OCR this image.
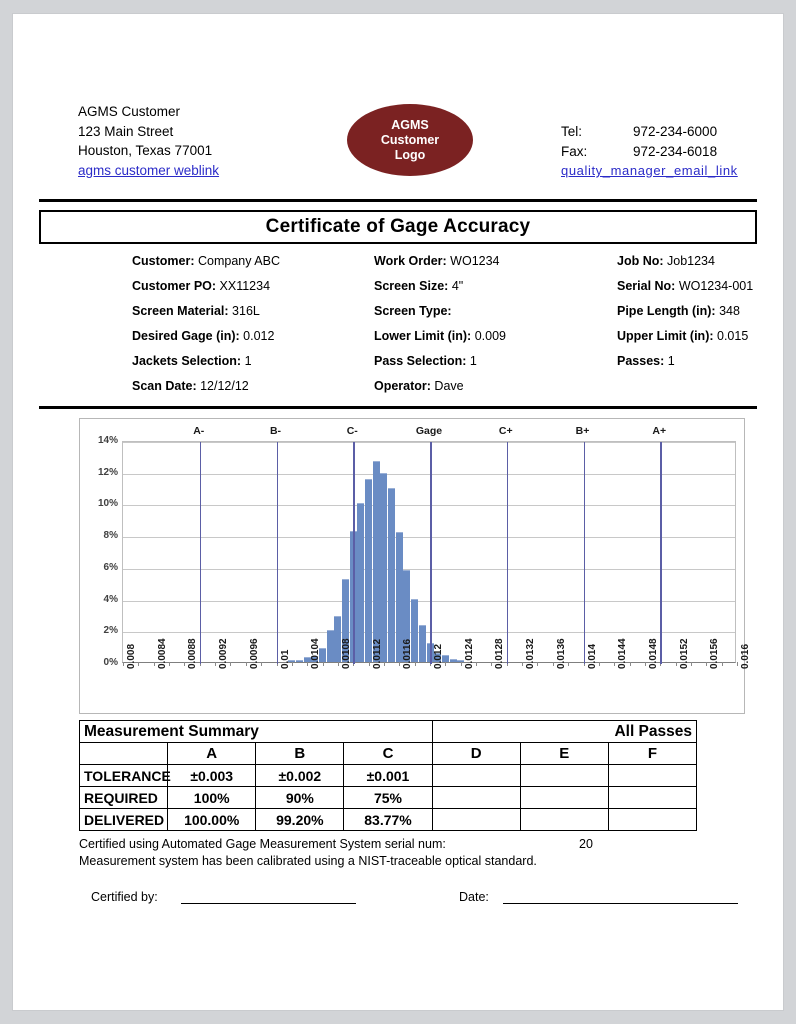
AGMS Customer
123 Main Street
Houston, Texas 77001
agms customer weblink
AGMS
Customer
Logo
Tel:	972-234-6000
Fax:	972-234-6018
quality_manager_email_link
Certificate of Gage Accuracy
Customer: Company ABC	Work Order: WO1234	Job No: Job1234
Customer PO: XX11234	Screen Size: 4"	Serial No: WO1234-001
Screen Material: 316L	Screen Type:	Pipe Length (in): 348
Desired Gage (in): 0.012	Lower Limit (in): 0.009	Upper Limit (in): 0.015
Jackets Selection: 1	Pass Selection: 1	Passes: 1
Scan Date: 12/12/12	Operator: Dave
0%
2%
4%
6%
8%
10%
12%
14%
0.008 0.0084 0.0088 0.0092 0.0096 0.01 0.0104 0.0108 0.0112 0.0116 0.012 0.0124 0.0128 0.0132 0.0136 0.014 0.0144 0.0148 0.0152 0.0156 0.016
A-	B-	C-	Gage	C+	B+	A+
Measurement Summary				All Passes		
	A	B	C	D	E	F
TOLERANCE	±0.003	±0.002	±0.001			
REQUIRED	100%	90%	75%			
DELIVERED	100.00%	99.20%	83.77%			
Certified using Automated Gage Measurement System serial num:	20
Measurement system has been calibrated using a NIST-traceable optical standard.
Certified by:	Date:
